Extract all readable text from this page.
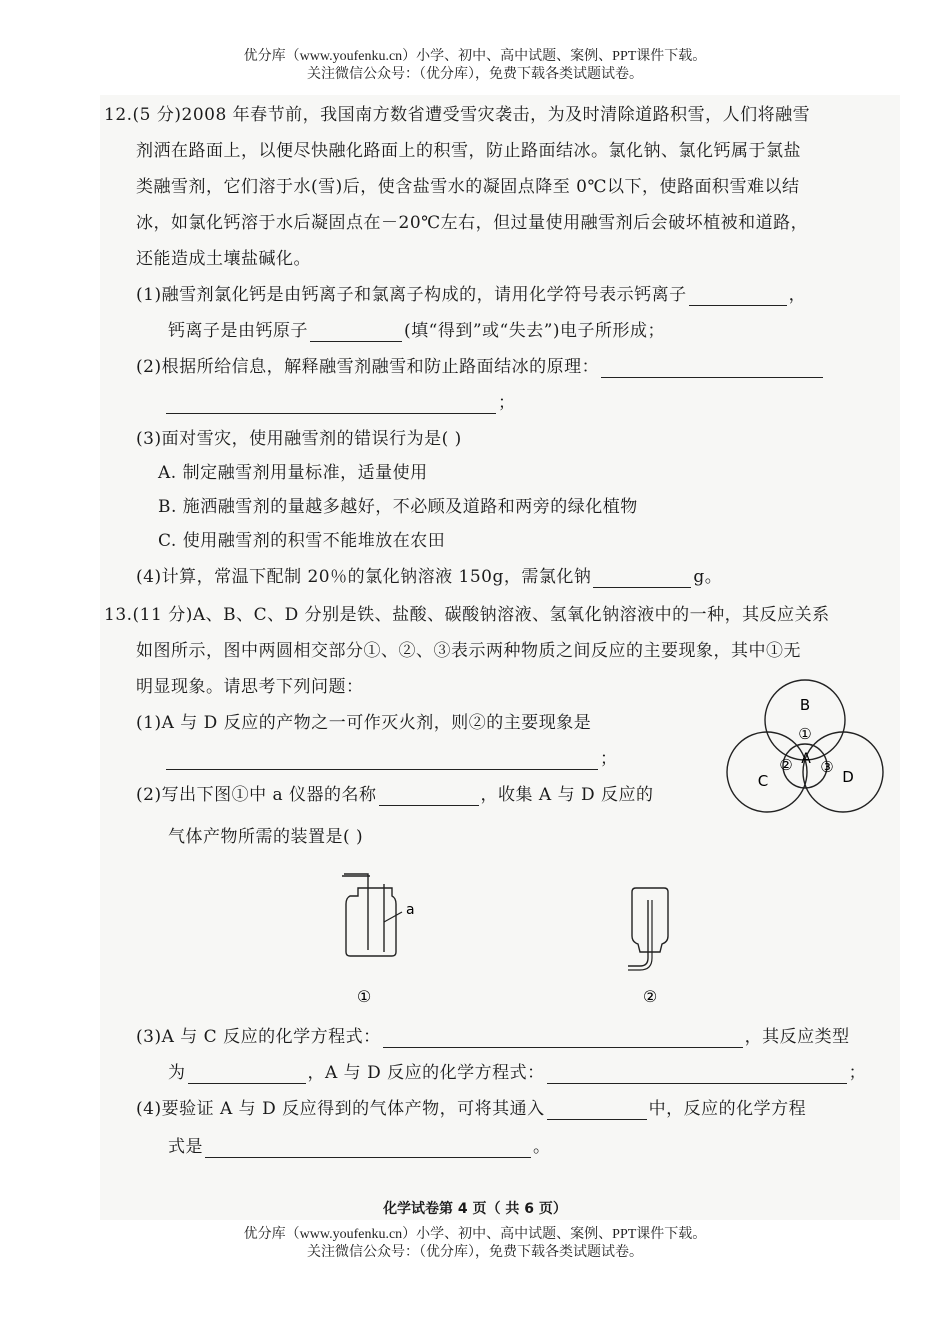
优分库（www.youfenku.cn）小学、初中、高中试题、案例、PPT课件下载。
关注微信公众号：（优分库），免费下载各类试题试卷。
12.(5 分)2008 年春节前，我国南方数省遭受雪灾袭击，为及时清除道路积雪，人们将融雪
剂洒在路面上，以便尽快融化路面上的积雪，防止路面结冰。氯化钠、氯化钙属于氯盐
类融雪剂，它们溶于水(雪)后，使含盐雪水的凝固点降至 0℃以下，使路面积雪难以结
冰，如氯化钙溶于水后凝固点在－20℃左右，但过量使用融雪剂后会破坏植被和道路，
还能造成土壤盐碱化。
(1)融雪剂氯化钙是由钙离子和氯离子构成的，请用化学符号表示钙离子	，
钙离子是由钙原子	(填“得到”或“失去”)电子所形成；
(2)根据所给信息，解释融雪剂融雪和防止路面结冰的原理：
；
(3)面对雪灾，使用融雪剂的错误行为是( )
A. 制定融雪剂用量标准，适量使用
B. 施洒融雪剂的量越多越好，不必顾及道路和两旁的绿化植物
C. 使用融雪剂的积雪不能堆放在农田
(4)计算，常温下配制 20％的氯化钠溶液 150g，需氯化钠	g。
13.(11 分)A、B、C、D 分别是铁、盐酸、碳酸钠溶液、氢氧化钠溶液中的一种，其反应关系
如图所示，图中两圆相交部分①、②、③表示两种物质之间反应的主要现象，其中①无
明显现象。请思考下列问题：
(1)A 与 D 反应的产物之一可作灭火剂，则②的主要现象是
；
(2)写出下图①中 a 仪器的名称	，收集 A 与 D 反应的
气体产物所需的装置是( )
(3)A 与 C 反应的化学方程式：	，其反应类型
为	，A 与 D 反应的化学方程式：	；
(4)要验证 A 与 D 反应得到的气体产物，可将其通入	中，反应的化学方程
式是	。
B
①
A
② ③
C	D
a
①	②
化学试卷第 4 页（ 共 6 页）
优分库（www.youfenku.cn）小学、初中、高中试题、案例、PPT课件下载。
关注微信公众号：（优分库），免费下载各类试题试卷。
